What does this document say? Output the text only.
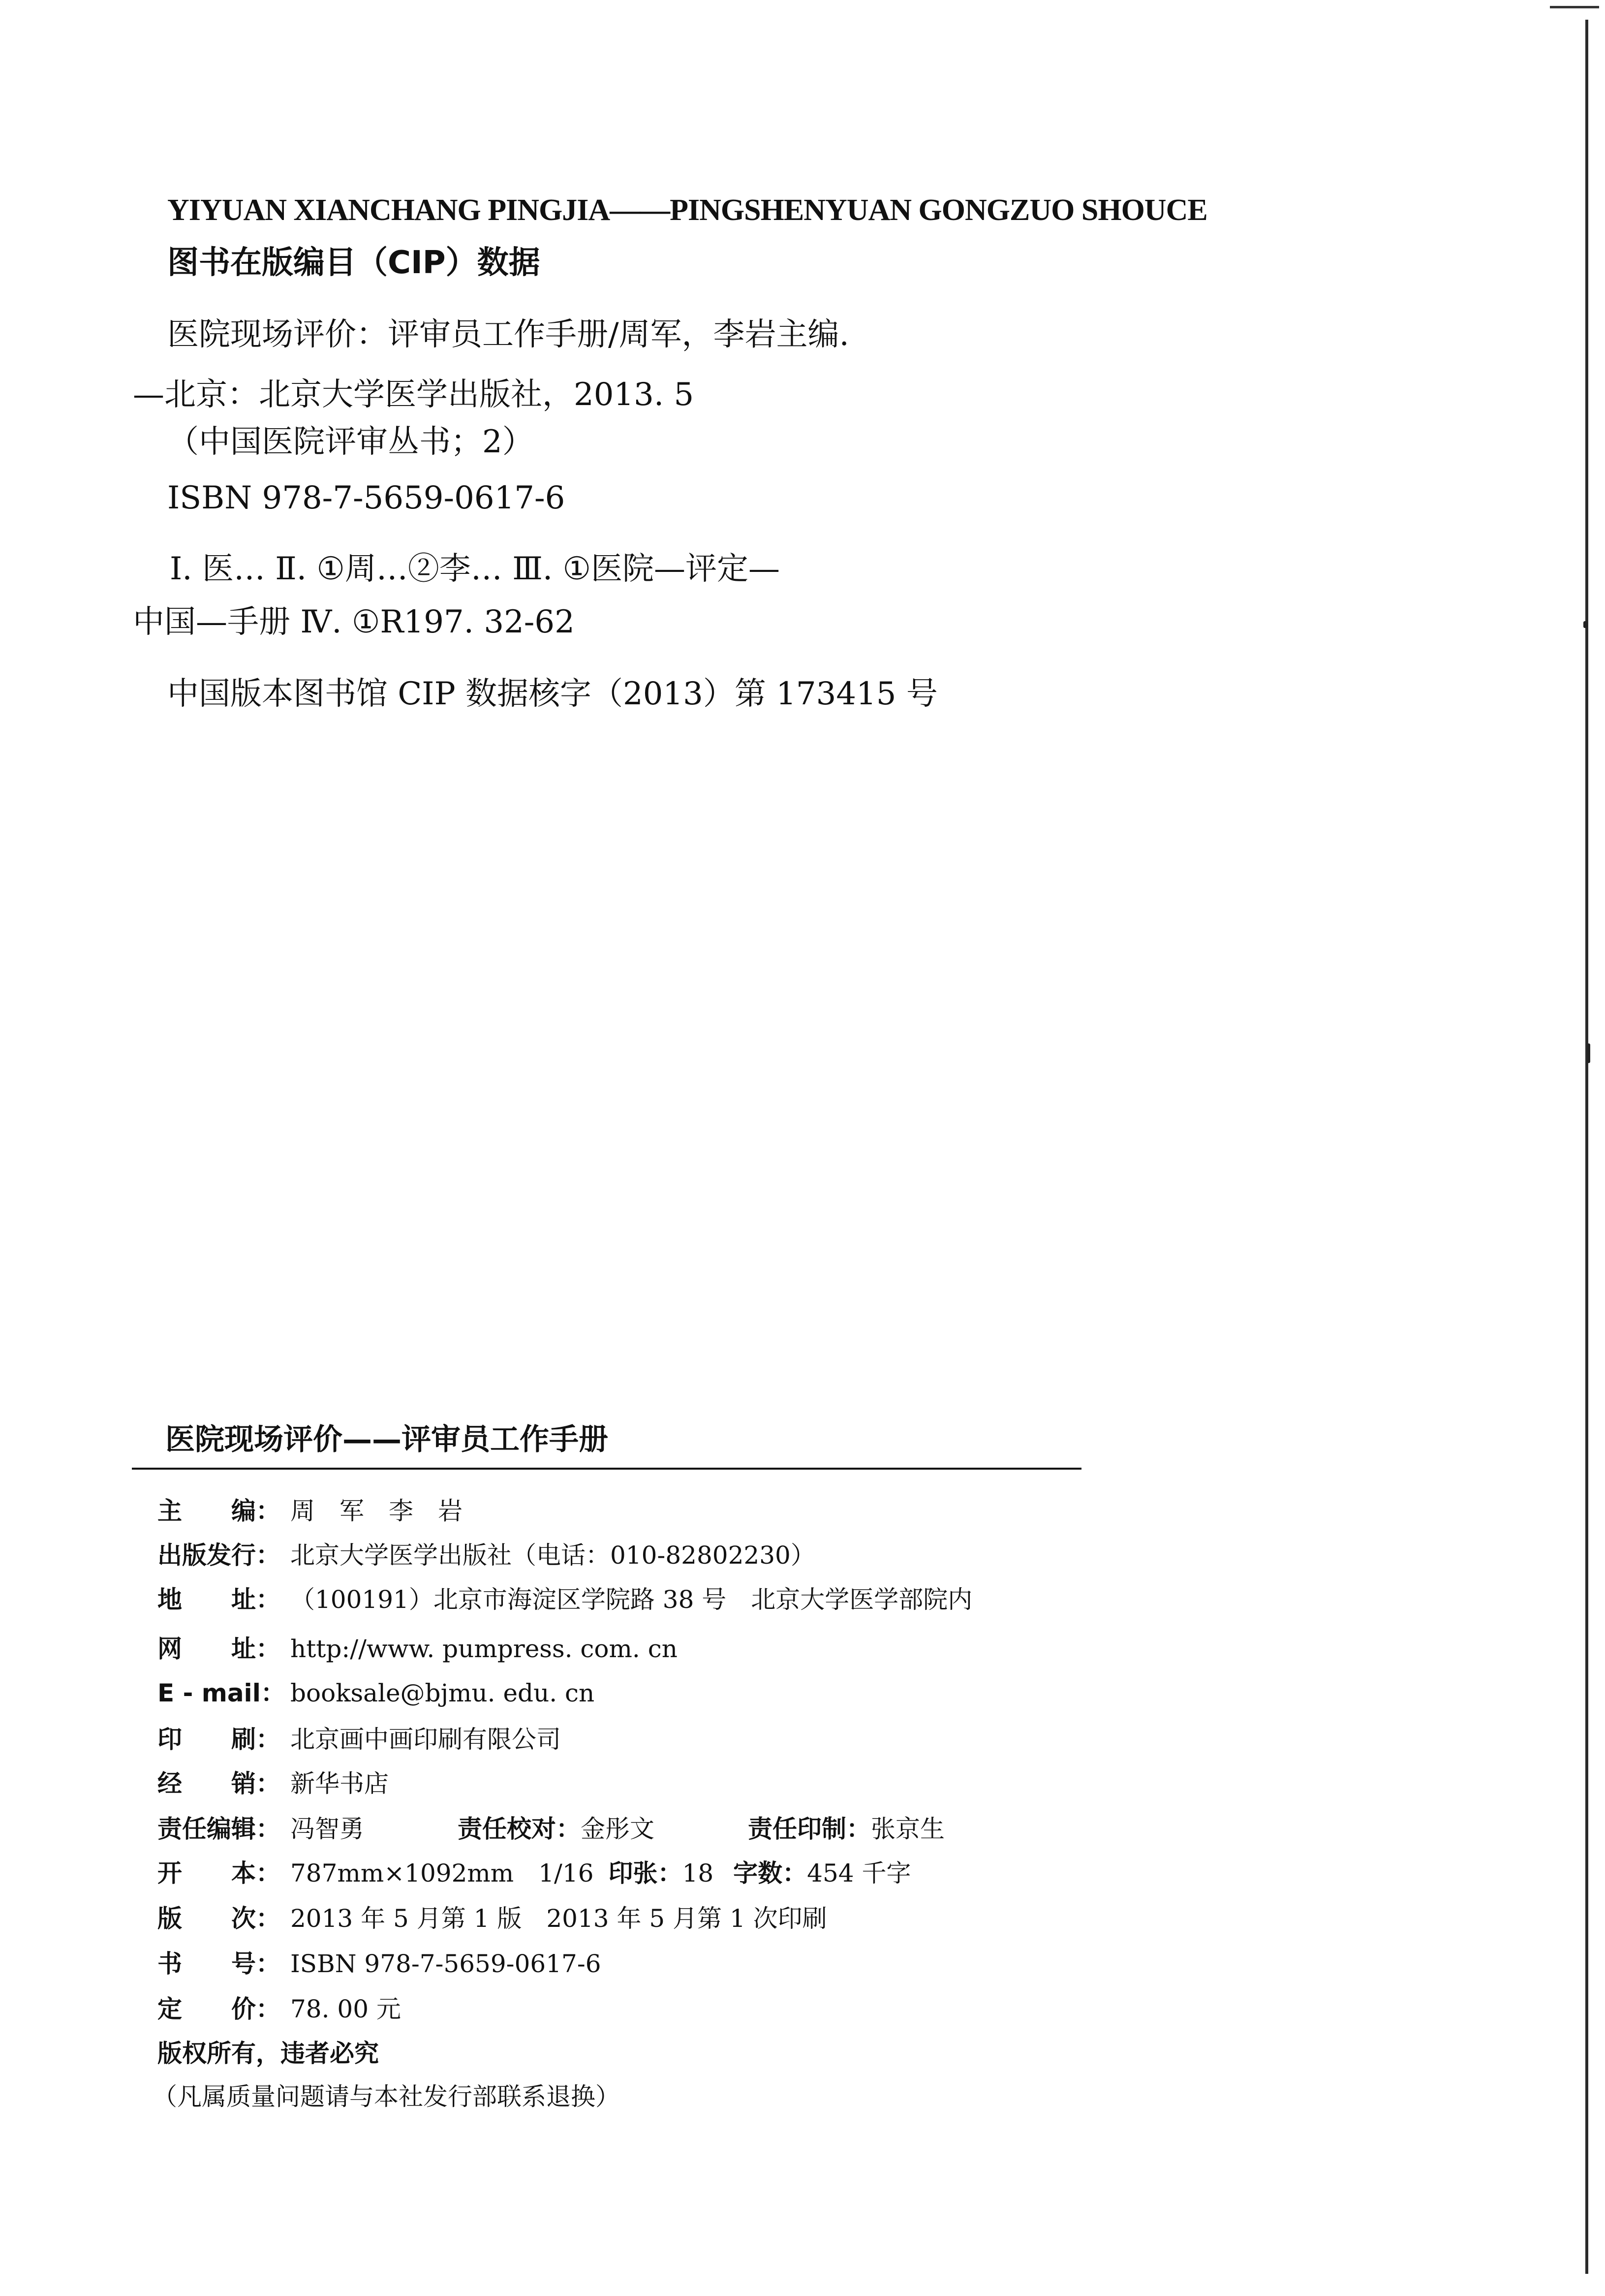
YIYUAN XIANCHANG PINGJIA——PINGSHENYUAN GONGZUO SHOUCE
图书在版编目（CIP）数据
医院现场评价：评审员工作手册/周军，李岩主编.
—北京：北京大学医学出版社，2013. 5
（中国医院评审丛书；2）
ISBN 978-7-5659-0617-6
Ⅰ. 医… Ⅱ. ①周…②李… Ⅲ. ①医院—评定—
中国—手册 Ⅳ. ①R197. 32-62
中国版本图书馆 CIP 数据核字（2013）第 173415 号
医院现场评价——评审员工作手册
主　　编： 周　军　李　岩
出版发行： 北京大学医学出版社（电话：010-82802230）
地　　址： （100191）北京市海淀区学院路 38 号　北京大学医学部院内
网　　址： http://www. pumpress. com. cn
E - mail： booksale@bjmu. edu. cn
印　　刷： 北京画中画印刷有限公司
经　　销： 新华书店
责任编辑： 冯智勇	责任校对：金彤文	责任印制：张京生
开　　本： 787mm×1092mm　1/16 印张：18 字数：454 千字
版　　次： 2013 年 5 月第 1 版　2013 年 5 月第 1 次印刷
书　　号： ISBN 978-7-5659-0617-6
定　　价： 78. 00 元
版权所有，违者必究
（凡属质量问题请与本社发行部联系退换）
